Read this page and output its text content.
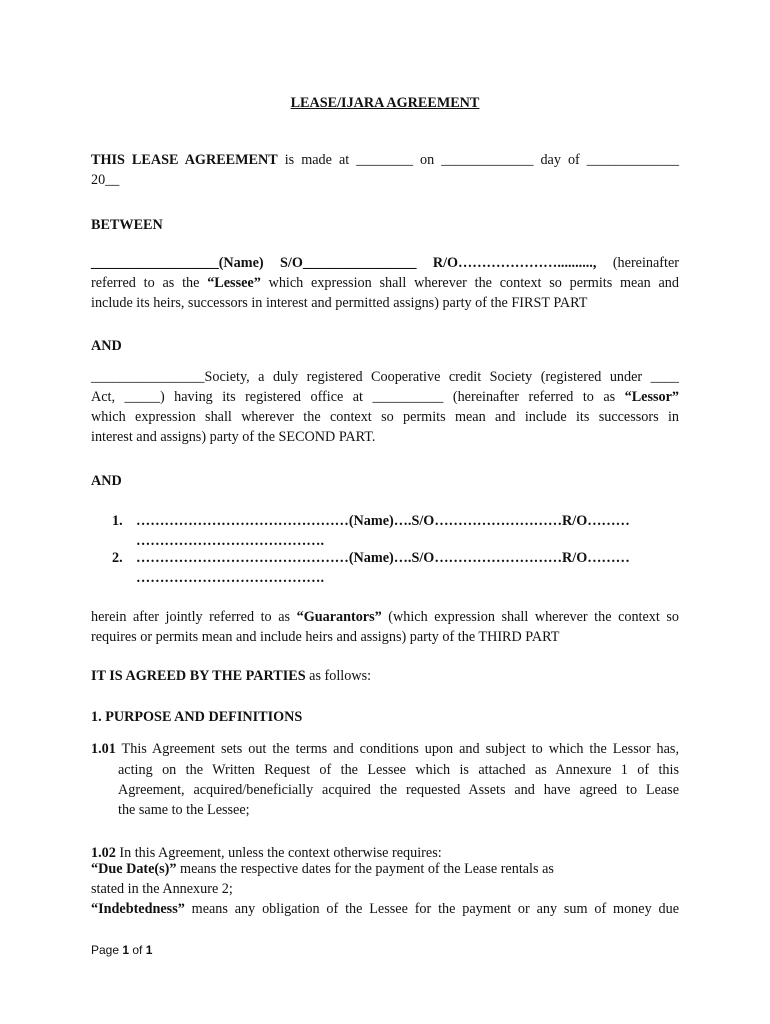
LEASE/IJARA AGREEMENT
THIS LEASE AGREEMENT is made at ________ on _____________ day of _____________
20__
BETWEEN
__________________(Name) S/O________________ R/O………………….........., (hereinafter
referred to as the “Lessee” which expression shall wherever the context so permits mean and
include its heirs, successors in interest and permitted assigns) party of the FIRST PART
AND
________________Society, a duly registered Cooperative credit Society (registered under ____
Act, _____) having its registered office at __________ (hereinafter referred to as “Lessor”
which expression shall wherever the context so permits mean and include its successors in
interest and assigns) party of the SECOND PART.
AND
1. ………………………………………(Name)….S/O………………………R/O………
………………………………….
2. ………………………………………(Name)….S/O………………………R/O………
………………………………….
herein after jointly referred to as “Guarantors” (which expression shall wherever the context so
requires or permits mean and include heirs and assigns) party of the THIRD PART
IT IS AGREED BY THE PARTIES as follows:
1. PURPOSE AND DEFINITIONS
1.01 This Agreement sets out the terms and conditions upon and subject to which the Lessor has,
acting on the Written Request of the Lessee which is attached as Annexure 1 of this
Agreement, acquired/beneficially acquired the requested Assets and have agreed to Lease
the same to the Lessee;
1.02 In this Agreement, unless the context otherwise requires:
“Due Date(s)” means the respective dates for the payment of the Lease rentals as
stated in the Annexure 2;
“Indebtedness” means any obligation of the Lessee for the payment or any sum of money due
Page 1 of 1
